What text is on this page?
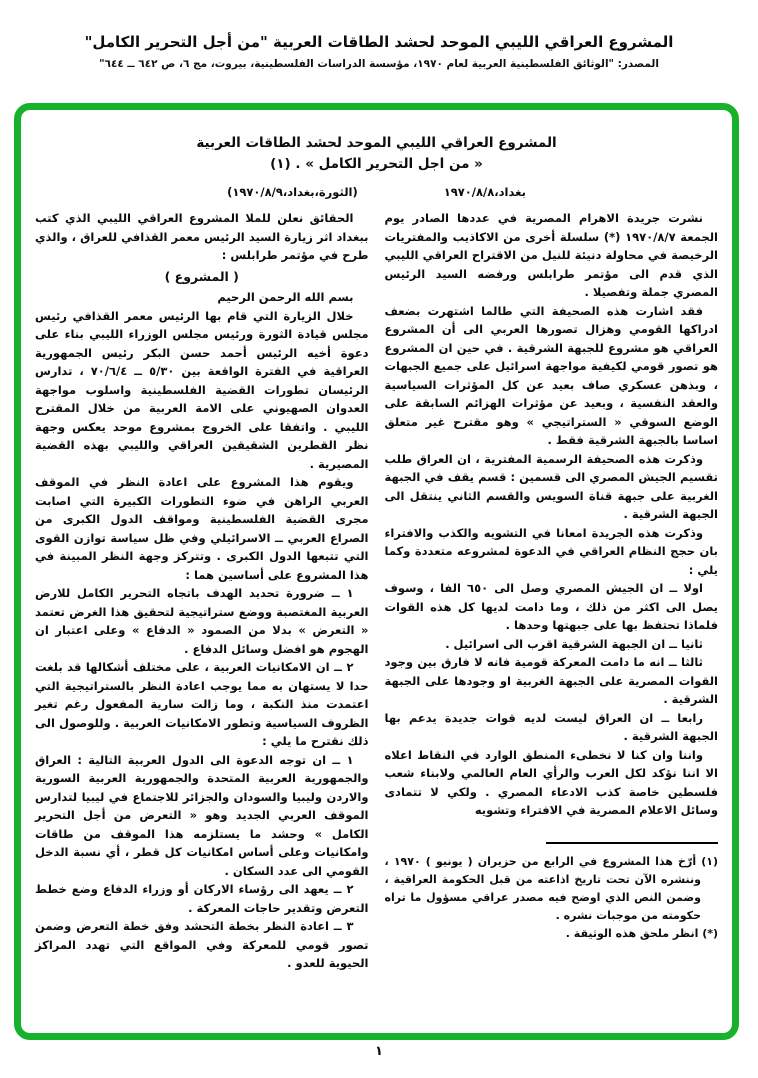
المشروع العراقي الليبي الموحد لحشد الطاقات العربية "من أجل التحرير الكامل"
المصدر: "الوثائق الفلسطينية العربية لعام ١٩٧٠، مؤسسة الدراسات الفلسطينية، بيروت، مج ٦، ص ٦٤٢ ــ ٦٤٤"
المشروع العراقي الليبي الموحد لحشد الطاقات العربية
« من اجل التحرير الكامل » . (١)
بغداد،١٩٧٠/٨/٨
(الثورة،بغداد،١٩٧٠/٨/٩)

نشرت جريدة الاهرام المصرية في عددها الصادر يوم الجمعة ١٩٧٠/٨/٧ (*) سلسلة أخرى من الاكاذيب والمفتريات الرخيصة في محاولة دنيئة للنيل من الاقتراح العراقي الليبي الذي قدم الى مؤتمر طرابلس ورفضه السيد الرئيس المصري جملة وتفصيلا .

فقد اشارت هذه الصحيفة التي طالما اشتهرت بضعف ادراكها القومي وهزال تصورها العربي الى أن المشروع العراقي هو مشروع للجبهة الشرقية . في حين ان المشروع هو تصور قومي لكيفية مواجهة اسرائيل على جميع الجبهات ، وبذهن عسكري صاف بعيد عن كل المؤثرات السياسية والعقد النفسية ، وبعيد عن مؤثرات الهزائم السابقة على الوضع السوقي « الستراتيجي » وهو مقترح غير متعلق اساسا بالجبهة الشرقية فقط .

وذكرت هذه الصحيفة الرسمية المفترية ، ان العراق طلب تقسيم الجيش المصري الى قسمين : قسم يقف في الجبهة الغربية على جبهة قناة السويس والقسم الثاني ينتقل الى الجبهة الشرقية .

وذكرت هذه الجريدة امعانا في التشويه والكذب والافتراء بان حجج النظام العراقي في الدعوة لمشروعه متعددة وكما يلي :

اولا ــ ان الجيش المصري وصل الى ٦٥٠ الفا ، وسوف يصل الى اكثر من ذلك ، وما دامت لديها كل هذه القوات فلماذا تحتفظ بها على جبهتها وحدها .

ثانيا ــ ان الجبهة الشرقية اقرب الى اسرائيل .

ثالثا ــ انه ما دامت المعركة قومية فانه لا فارق بين وجود القوات المصرية على الجبهة الغربية او وجودها على الجبهة الشرقية .

رابعا ــ ان العراق ليست لديه قوات جديدة يدعم بها الجبهة الشرقية .

واننا وان كنا لا نخطىء المنطق الوارد في النقاط اعلاه الا اننا نؤكد لكل العرب والرأي العام العالمي ولابناء شعب فلسطين خاصة كذب الادعاء المصري . ولكي لا تتمادى وسائل الاعلام المصرية في الافتراء وتشويه

(١) أرّخ هذا المشروع في الرابع من حزيران ( يونيو ) ١٩٧٠ ، وننشره الآن تحت تاريخ اذاعته من قبل الحكومة العراقية ، وضمن النص الذي اوضح فيه مصدر عراقي مسؤول ما تراه حكومته من موجبات نشره .

(*) انظر ملحق هذه الوثيقة .

الحقائق نعلن للملا المشروع العراقي الليبي الذي كتب ببغداد اثر زيارة السيد الرئيس معمر القذافي للعراق ، والذي طرح في مؤتمر طرابلس :

( المشروع )

بسم الله الرحمن الرحيم

خلال الزيارة التي قام بها الرئيس معمر القذافي رئيس مجلس قيادة الثورة ورئيس مجلس الوزراء الليبي بناء على دعوة أخيه الرئيس أحمد حسن البكر رئيس الجمهورية العراقية في الفترة الواقعة بين ٥/٣٠ ــ ٧٠/٦/٤ ، تدارس الرئيسان تطورات القضية الفلسطينية واسلوب مواجهة العدوان الصهيوني على الامة العربية من خلال المقترح الليبي . واتفقا على الخروج بمشروع موحد يعكس وجهة نظر القطرين الشقيقين العراقي والليبي بهذه القضية المصيرية .

ويقوم هذا المشروع على اعادة النظر في الموقف العربي الراهن في ضوء التطورات الكبيرة التي اصابت مجرى القضية الفلسطينية ومواقف الدول الكبرى من الصراع العربي ــ الاسرائيلي وفي ظل سياسة توازن القوى التي تتبعها الدول الكبرى . وتتركز وجهة النظر المبينة في هذا المشروع على أساسين هما :

١ ــ ضرورة تحديد الهدف باتجاه التحرير الكامل للارض العربية المغتصبة ووضع ستراتيجية لتحقيق هذا الغرض تعتمد « التعرض » بدلا من الصمود « الدفاع » وعلى اعتبار ان الهجوم هو افضل وسائل الدفاع .

٢ ــ ان الامكانيات العربية ، على مختلف أشكالها قد بلغت حدا لا يستهان به مما يوجب اعادة النظر بالستراتيجية التي اعتمدت منذ النكبة ، وما زالت سارية المفعول رغم تغير الظروف السياسية وتطور الامكانيات العربية . وللوصول الى ذلك نقترح ما يلي :

١ ــ ان توجه الدعوة الى الدول العربية التالية : العراق والجمهورية العربية المتحدة والجمهورية العربية السورية والاردن وليبيا والسودان والجزائر للاجتماع في ليبيا لتدارس الموقف العربي الجديد وهو « التعرض من أجل التحرير الكامل » وحشد ما يستلزمه هذا الموقف من طاقات وامكانيات وعلى أساس امكانيات كل قطر ، أي نسبة الدخل القومي الى عدد السكان .

٢ ــ يعهد الى رؤساء الاركان أو وزراء الدفاع وضع خطط التعرض وتقدير حاجات المعركة .

٣ ــ اعادة النظر بخطة التحشد وفق خطة التعرض وضمن تصور قومي للمعركة وفي المواقع التي تهدد المراكز الحيوية للعدو .

١
